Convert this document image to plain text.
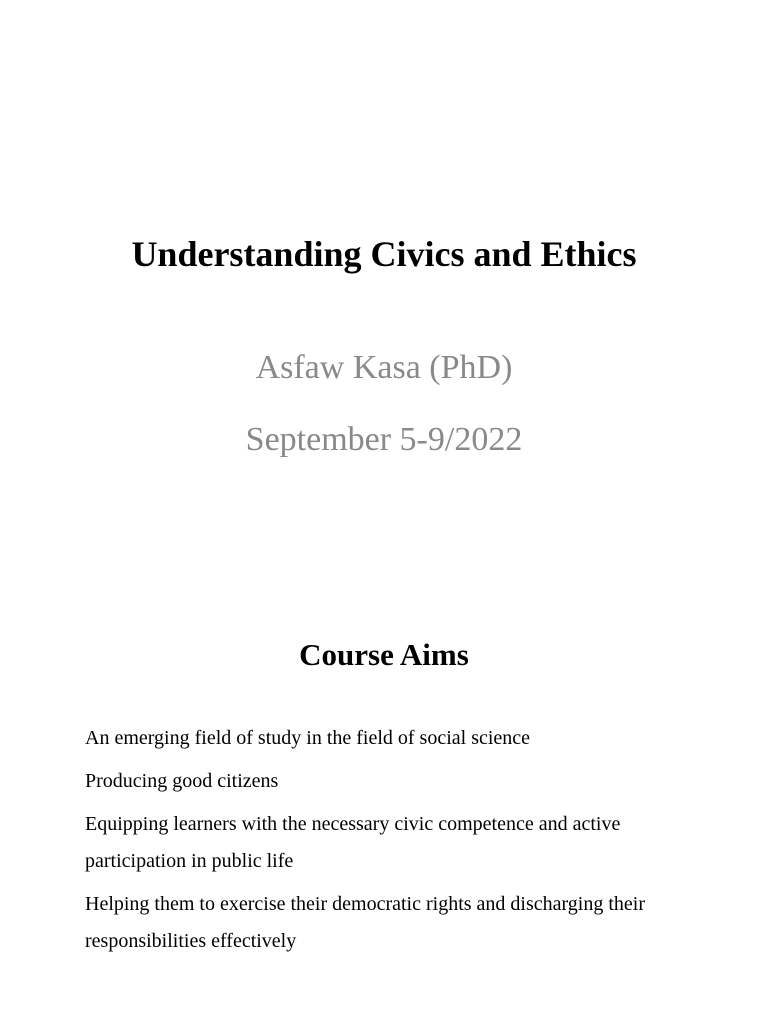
Understanding Civics and Ethics
Asfaw Kasa (PhD)
September 5-9/2022
Course Aims
An emerging field of study in the field of social science
Producing good citizens
Equipping learners with the necessary civic competence and active participation in public life
Helping them to exercise their democratic rights and discharging their responsibilities effectively
